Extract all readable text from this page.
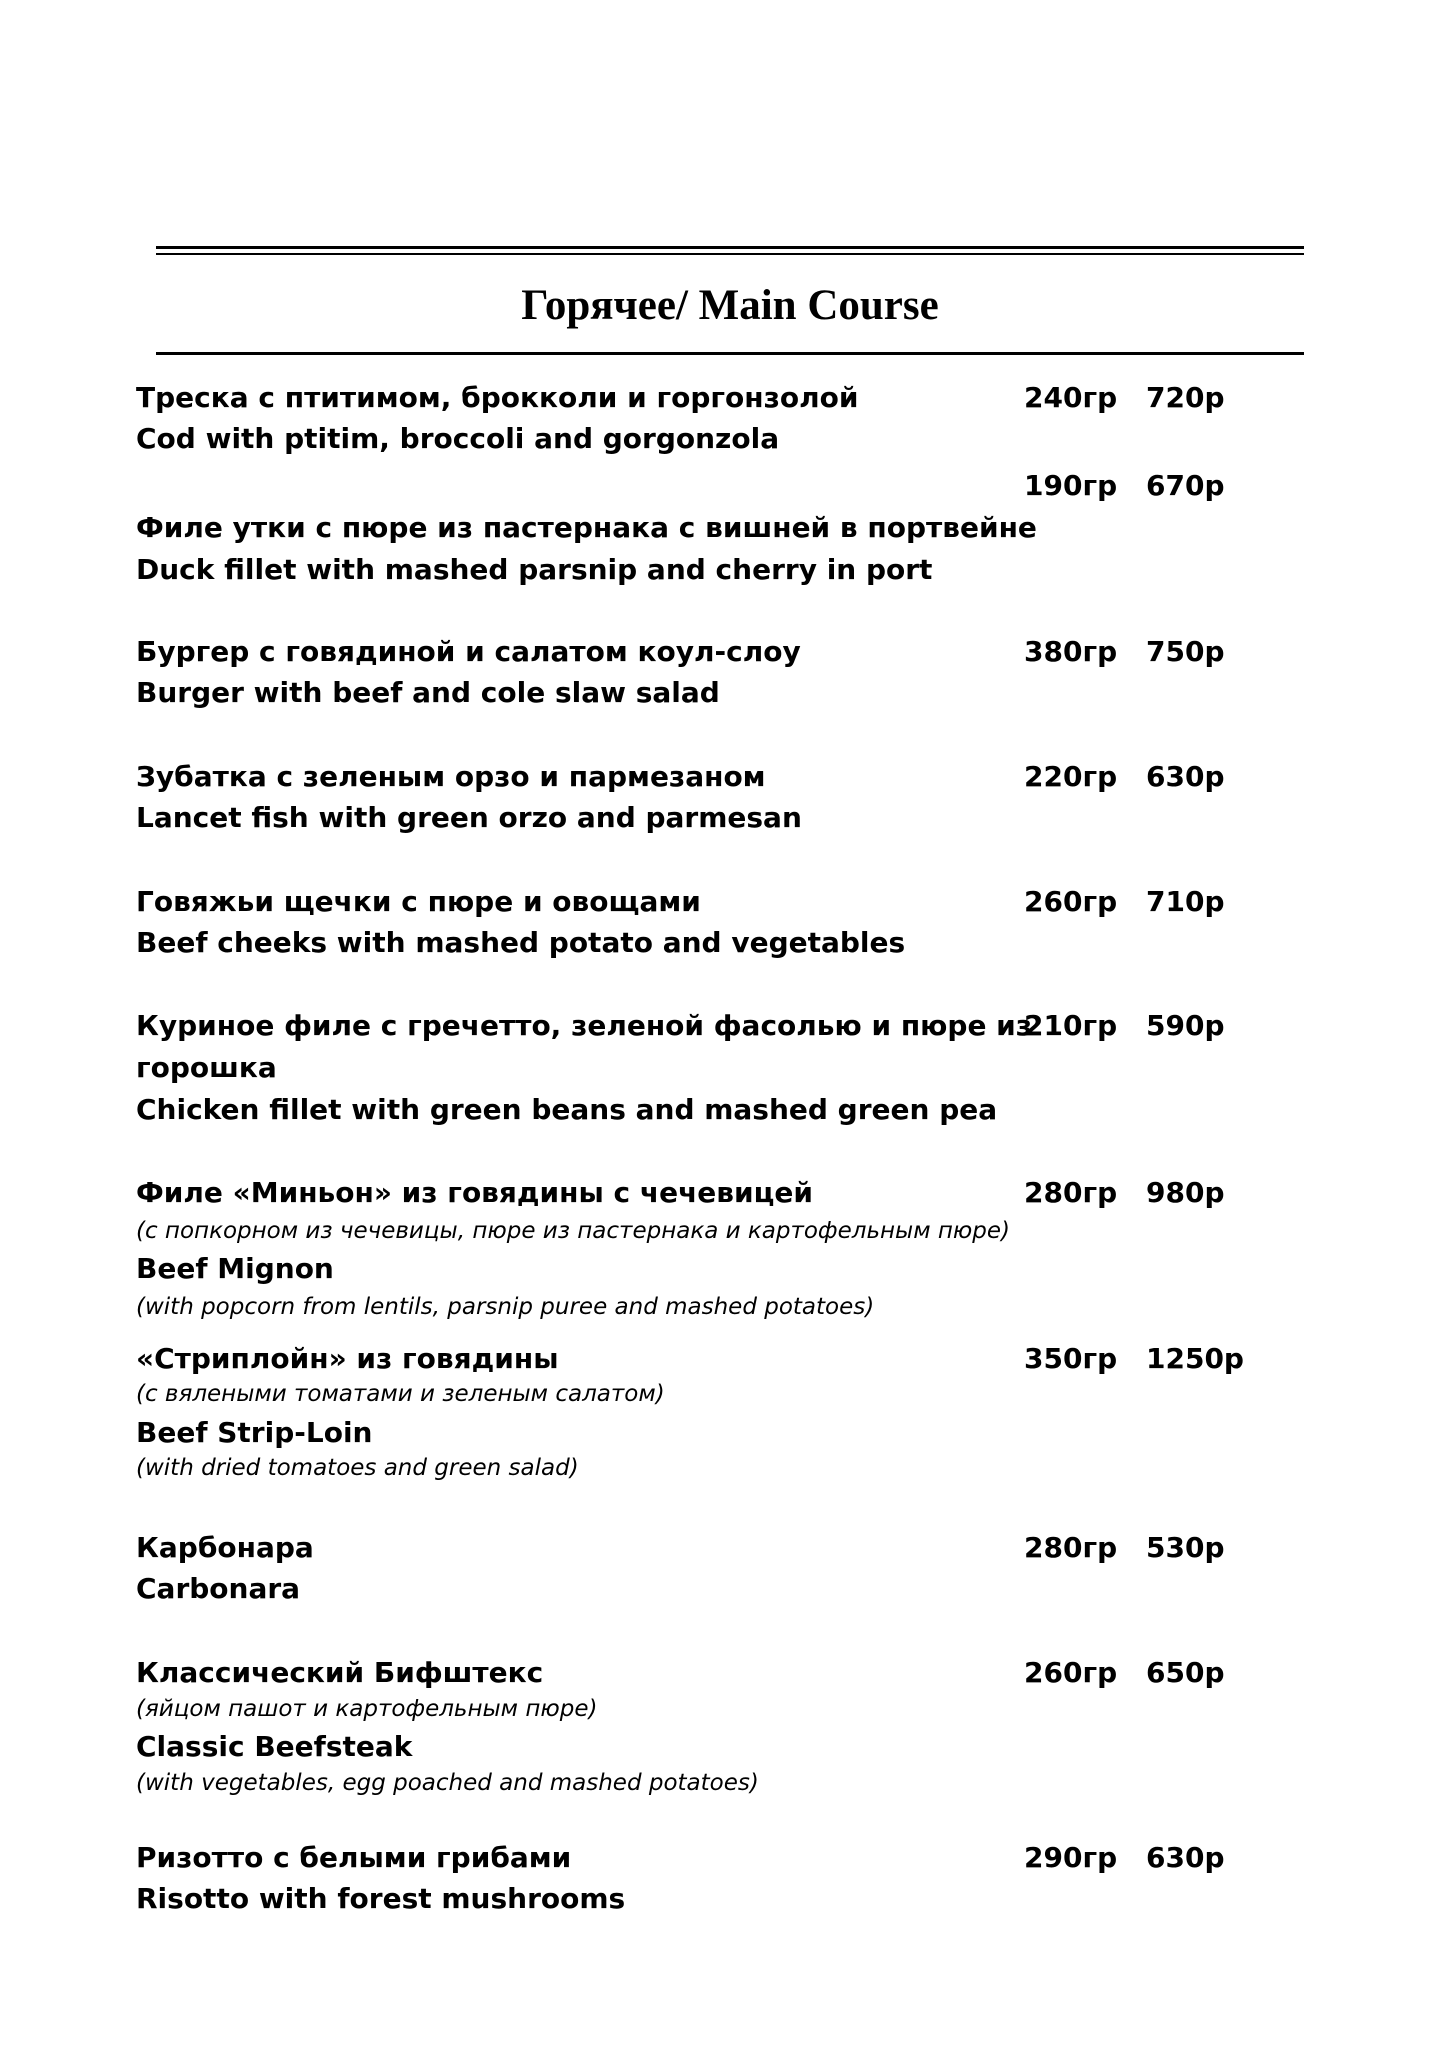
Горячее/ Main Course
Треска с птитимом, брокколи и горгонзолой
Cod with ptitim, broccoli and gorgonzola
240гр 720р
190гр 670р
Филе утки с пюре из пастернака с вишней в портвейне
Duck fillet with mashed parsnip and cherry in port
Бургер с говядиной и салатом коул-слоу
Burger with beef and cole slaw salad
380гр 750р
Зубатка с зеленым орзо и пармезаном
Lancet fish with green orzo and parmesan
220гр 630р
Говяжьи щечки с пюре и овощами
Beef cheeks with mashed potato and vegetables
260гр 710р
Куриное филе с гречетто, зеленой фасолью и пюре из
горошка
Chicken fillet with green beans and mashed green pea
210гр 590р
Филе «Миньон» из говядины с чечевицей
(с попкорном из чечевицы, пюре из пастернака и картофельным пюре)
Beef Mignon
(with popcorn from lentils, parsnip puree and mashed potatoes)
280гр 980р
«Стриплойн» из говядины
(с вялеными томатами и зеленым салатом)
Beef Strip-Loin
(with dried tomatoes and green salad)
350гр 1250р
Карбонара
Carbonara
280гр 530р
Классический Бифштекс
(яйцом пашот и картофельным пюре)
Classic Beefsteak
(with vegetables, egg poached and mashed potatoes)
260гр 650р
Ризотто с белыми грибами
Risotto with forest mushrooms
290гр 630р
